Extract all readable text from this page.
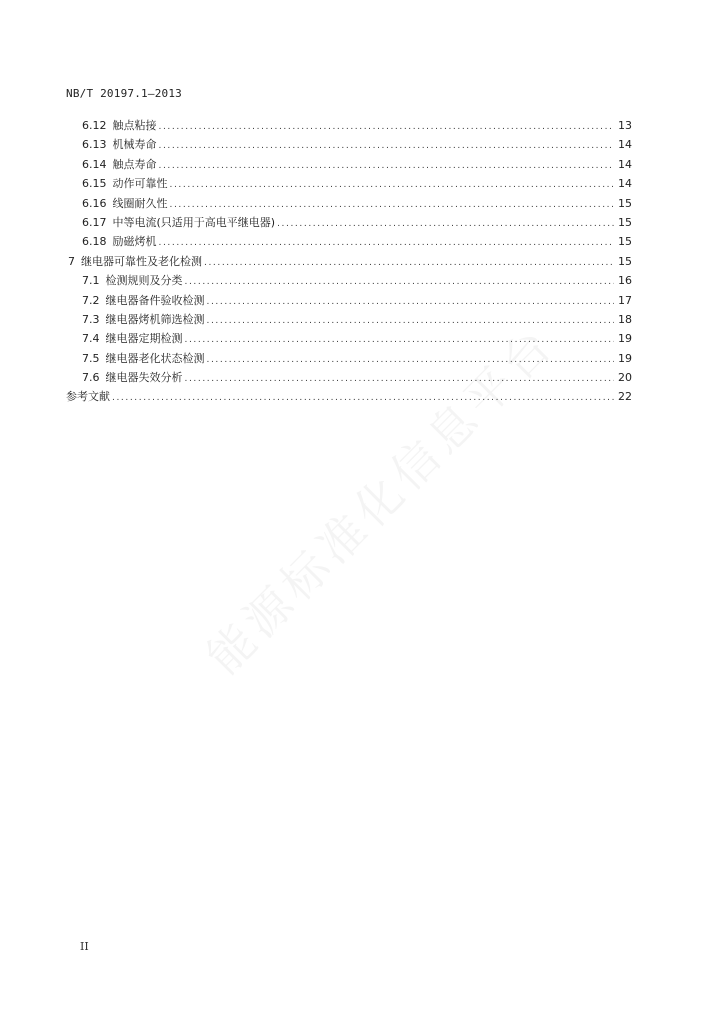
NB/T 20197.1—2013
6.12 触点粘接 .....	13
6.13 机械寿命 .....	14
6.14 触点寿命 .....	14
6.15 动作可靠性 .....	14
6.16 线圈耐久性 .....	15
6.17 中等电流(只适用于高电平继电器) .....	15
6.18 励磁烤机 .....	15
7 继电器可靠性及老化检测 .....	15
7.1 检测规则及分类 .....	16
7.2 继电器备件验收检测 .....	17
7.3 继电器烤机筛选检测 .....	18
7.4 继电器定期检测 .....	19
7.5 继电器老化状态检测 .....	19
7.6 继电器失效分析 .....	20
参考文献 .....	22
II
